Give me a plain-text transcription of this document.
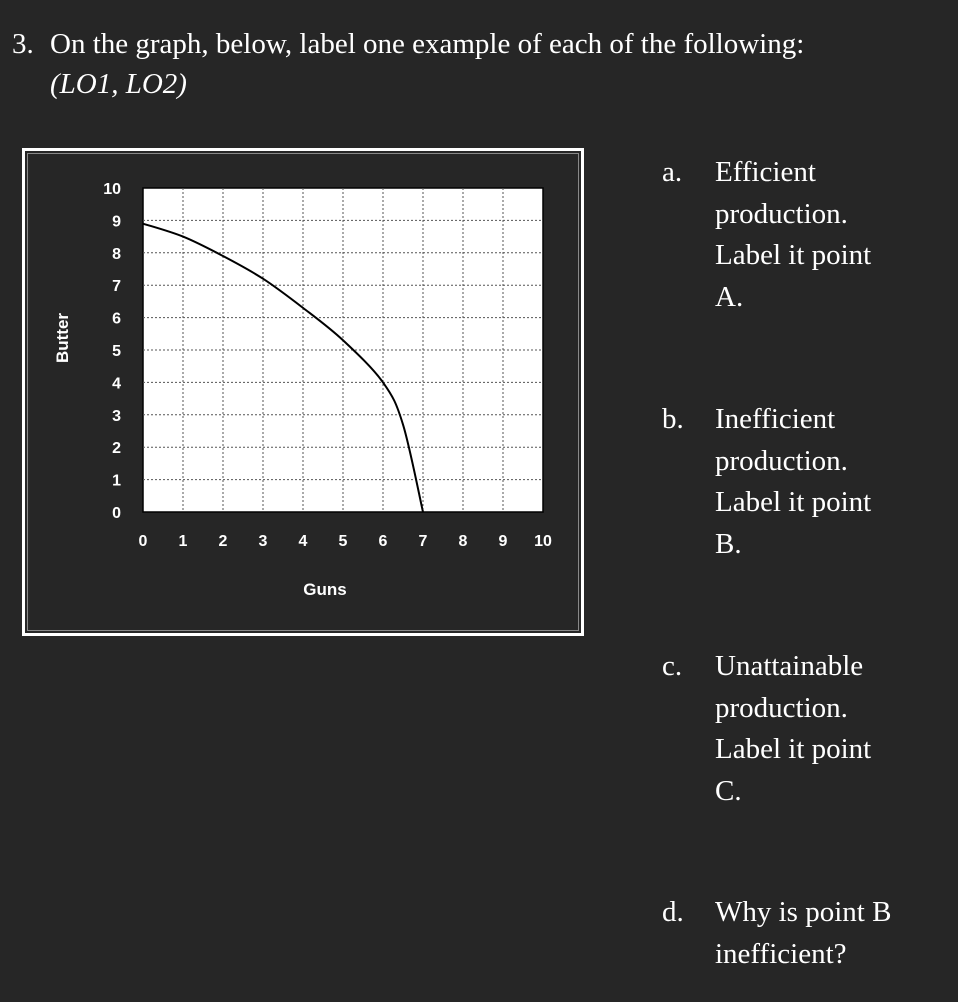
3. On the graph, below, label one example of each of the following:
(LO1, LO2)
0 1 2 3 4 5 6 7 8 9 10
0
1
2
3
4
5
6
7
8
9
10
Guns
Butter
a. Efficient
production.
Label it point
A.
b. Inefficient
production.
Label it point
B.
c. Unattainable
production.
Label it point
C.
d. Why is point B
inefficient?
